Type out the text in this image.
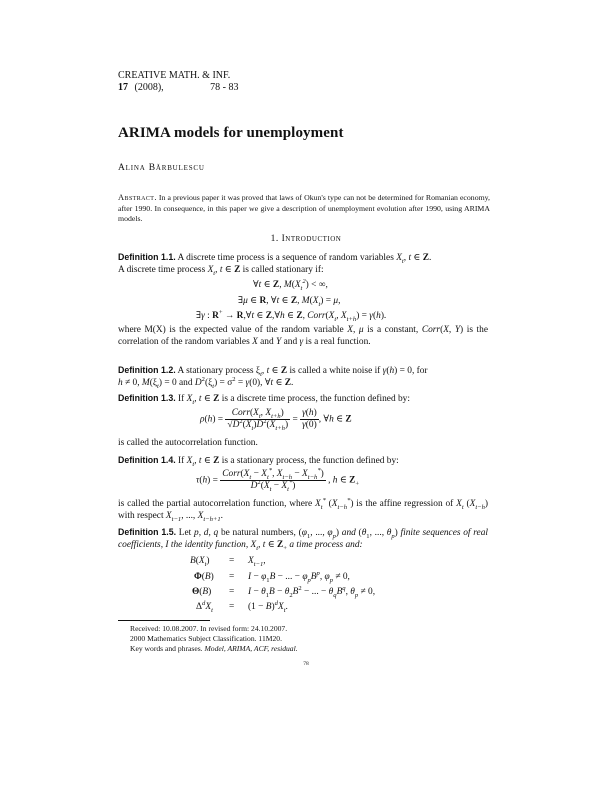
CREATIVE MATH. & INF.
17 (2008),	78 - 83
ARIMA models for unemployment
Alina Bărbulescu
Abstract. In a previous paper it was proved that laws of Okun's type can not be determined for Romanian economy, after 1990. In consequence, in this paper we give a description of unemployment evolution after 1990, using ARIMA models.
1. Introduction
Definition 1.1. A discrete time process is a sequence of random variables $X_t$, t ∈ Z.
A discrete time process $X_t$, t ∈ Z is called stationary if:
∀t ∈ Z, $M(X_t^2)$ < ∞,
∃μ ∈ R, ∀t ∈ Z, $M(X_t) = \mu$,
∃γ : R+ → R,∀t ∈ Z,∀h ∈ Z, $Corr(X_t$, $X_{t+h}) = \gamma(h)$.
where M(X) is the expected value of the random variable X, μ is a constant, Corr(X, Y) is the correlation of the random variables X and Y and γ is a real function.
Definition 1.2. A stationary process $\xi_t$, t ∈ Z is called a white noise if γ(h) = 0, for
h ≠ 0, $M(\xi_t) = 0$ and $D^2(\xi_t) = \sigma^2 = \gamma(0)$, ∀t ∈ Z.
Definition 1.3. If $X_t$, t ∈ Z is a discrete time process, the function defined by:
$\rho(h) = \frac{Corr(X_t, X_{t+h})}{√D^2(X_t)D^2(X_{t+h})} = \frac{\gamma(h)}{\gamma(0)}$ , ∀h ∈ Z
is called the autocorrelation function.
Definition 1.4. If $X_t$, t ∈ Z is a stationary process, the function defined by:
$\tau(h) = \frac{Corr(X_t - X_t^*, X_{t-h} - X_{t-h}^*)}{D^2(X_t - X_t^*)}$ , h ∈ $Z_+$
is called the partial autocorrelation function, where $X_t^*$ $(X_{t-h}^*)$ is the affine regression of $X_t$ $(X_{t-h})$ with respect $X_{t-1}$, ..., $X_{t-h+1}$.
Definition 1.5. Let p, d, q be natural numbers, ($\varphi_1$, ..., $\varphi_p$) and ($\theta_1$, ..., $\theta_p$) finite sequences of real coefficients, I the identity function, $X_t$, t ∈ $Z_+$ a time process and:
$B(X_t) = X_{t-1}$,
$\Phi(B) = I - \varphi_1B$ − ... − $\varphi_pB^p$, $\varphi_p \ne 0$,
$\Theta(B) = I - \theta_1B - \theta_2B^2$ − ... − $\theta_qB^q$, $\theta_p \ne 0$,
$\Delta^dX_t = (1 - B)^dX_t$.
Received: 10.08.2007. In revised form: 24.10.2007.
2000 Mathematics Subject Classification. 11M20.
Key words and phrases. Model, ARIMA, ACF, residual.
78
